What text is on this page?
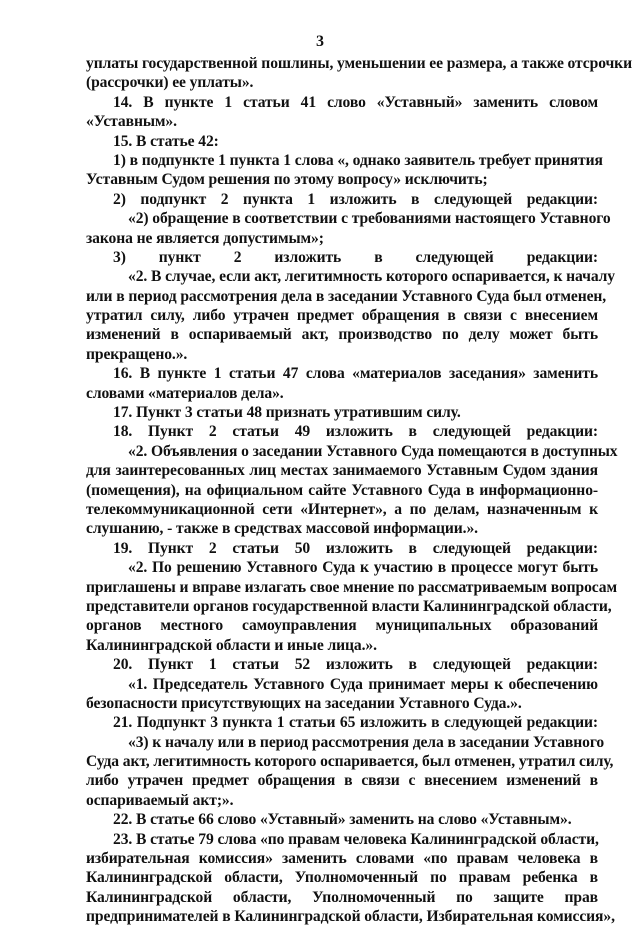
3
уплаты государственной пошлины, уменьшении ее размера, а также отсрочки
(рассрочки) ее уплаты».
14. В пункте 1 статьи 41 слово «Уставный» заменить словом
«Уставным».
15. В статье 42:
1) в подпункте 1 пункта 1 слова «, однако заявитель требует принятия
Уставным Судом решения по этому вопросу» исключить;
2) подпункт 2 пункта 1 изложить в следующей редакции:
«2) обращение в соответствии с требованиями настоящего Уставного
закона не является допустимым»;
3) пункт 2 изложить в следующей редакции:
«2. В случае, если акт, легитимность которого оспаривается, к началу
или в период рассмотрения дела в заседании Уставного Суда был отменен,
утратил силу, либо утрачен предмет обращения в связи с внесением
изменений в оспариваемый акт, производство по делу может быть
прекращено.».
16. В пункте 1 статьи 47 слова «материалов заседания» заменить
словами «материалов дела».
17. Пункт 3 статьи 48 признать утратившим силу.
18. Пункт 2 статьи 49 изложить в следующей редакции:
«2. Объявления о заседании Уставного Суда помещаются в доступных
для заинтересованных лиц местах занимаемого Уставным Судом здания
(помещения), на официальном сайте Уставного Суда в информационно-
телекоммуникационной сети «Интернет», а по делам, назначенным к
слушанию, - также в средствах массовой информации.».
19. Пункт 2 статьи 50 изложить в следующей редакции:
«2. По решению Уставного Суда к участию в процессе могут быть
приглашены и вправе излагать свое мнение по рассматриваемым вопросам
представители органов государственной власти Калининградской области,
органов местного самоуправления муниципальных образований
Калининградской области и иные лица.».
20. Пункт 1 статьи 52 изложить в следующей редакции:
«1. Председатель Уставного Суда принимает меры к обеспечению
безопасности присутствующих на заседании Уставного Суда.».
21. Подпункт 3 пункта 1 статьи 65 изложить в следующей редакции:
«3) к началу или в период рассмотрения дела в заседании Уставного
Суда акт, легитимность которого оспаривается, был отменен, утратил силу,
либо утрачен предмет обращения в связи с внесением изменений в
оспариваемый акт;».
22. В статье 66 слово «Уставный» заменить на слово «Уставным».
23. В статье 79 слова «по правам человека Калининградской области,
избирательная комиссия» заменить словами «по правам человека в
Калининградской области, Уполномоченный по правам ребенка в
Калининградской области, Уполномоченный по защите прав
предпринимателей в Калининградской области, Избирательная комиссия»,
